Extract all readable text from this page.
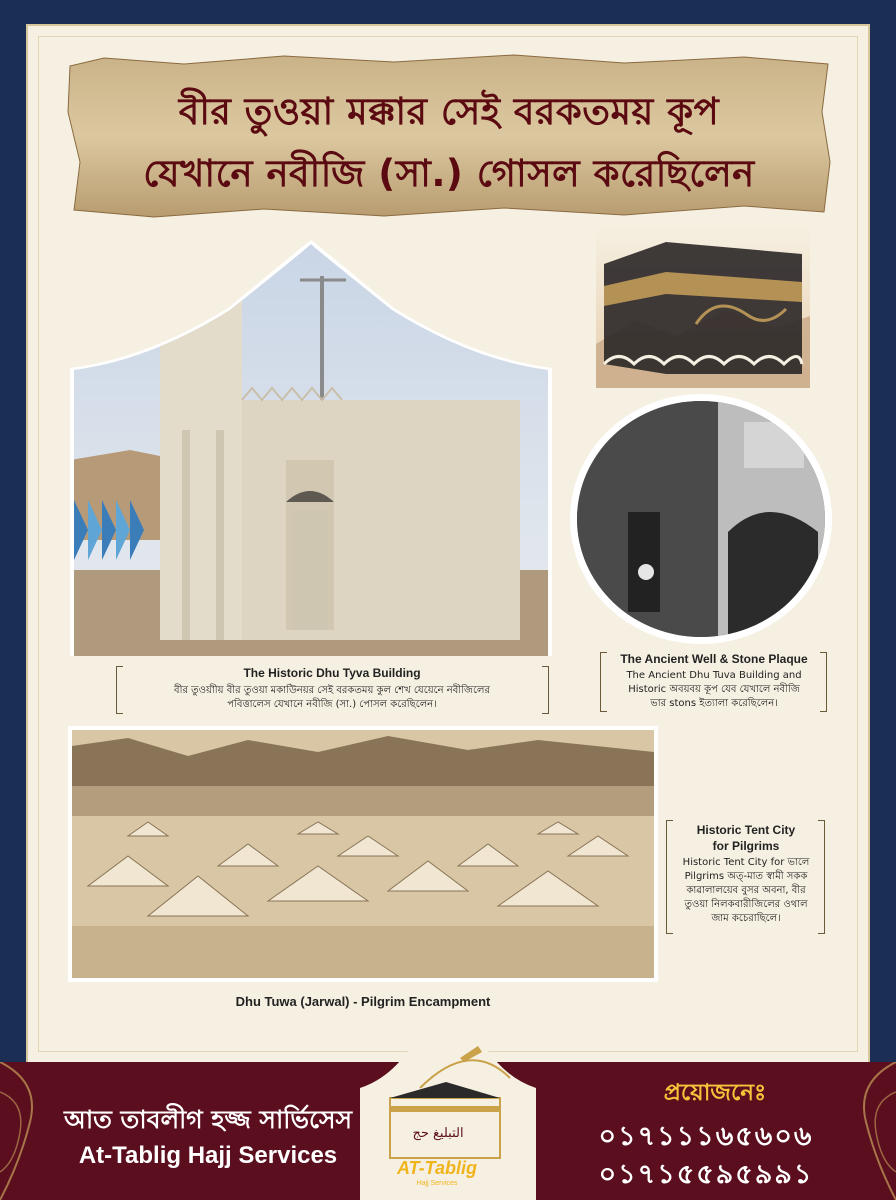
বীর তুওয়া মক্কার সেই বরকতময় কূপ
যেখানে নবীজি (সা.) গোসল করেছিলেন
The Historic Dhu Tyva Building
বীর তুওয়াীয় বীর তুওয়া মকাউিনয়র সেই বরকতময় কুল শেখ যেয়েনে নবীজিলের
পবিত্তালেস যেখানে নবীজি (সা.) পোসল করেছিলেন।
The Ancient Well & Stone Plaque
The Ancient Dhu Tuva Building and
Historic অবয়বয় কূপ যেব যেখালে নবীজি
ভার stons ইত্যালা করেছিলেন।
Dhu Tuwa (Jarwal) - Pilgrim Encampment
Historic Tent City
for Pilgrims
Historic Tent City for ভালে
Pilgrims অত্-মাত স্বামী সকক
কাৱালালয়েব বুসর অবনা, বীর
তুওয়া নিলকবারীজিলের ওথাল
জাম কচেরাছিলে।
التبليغ حج
AT-Tablig
Hajj Services
আত তাবলীগ হজ্জ সার্ভিসেস
At-Tablig Hajj Services
প্রয়োজনেঃ
০১৭১১১৬৫৬০৬
০১৭১৫৫৯৫৯৯১
